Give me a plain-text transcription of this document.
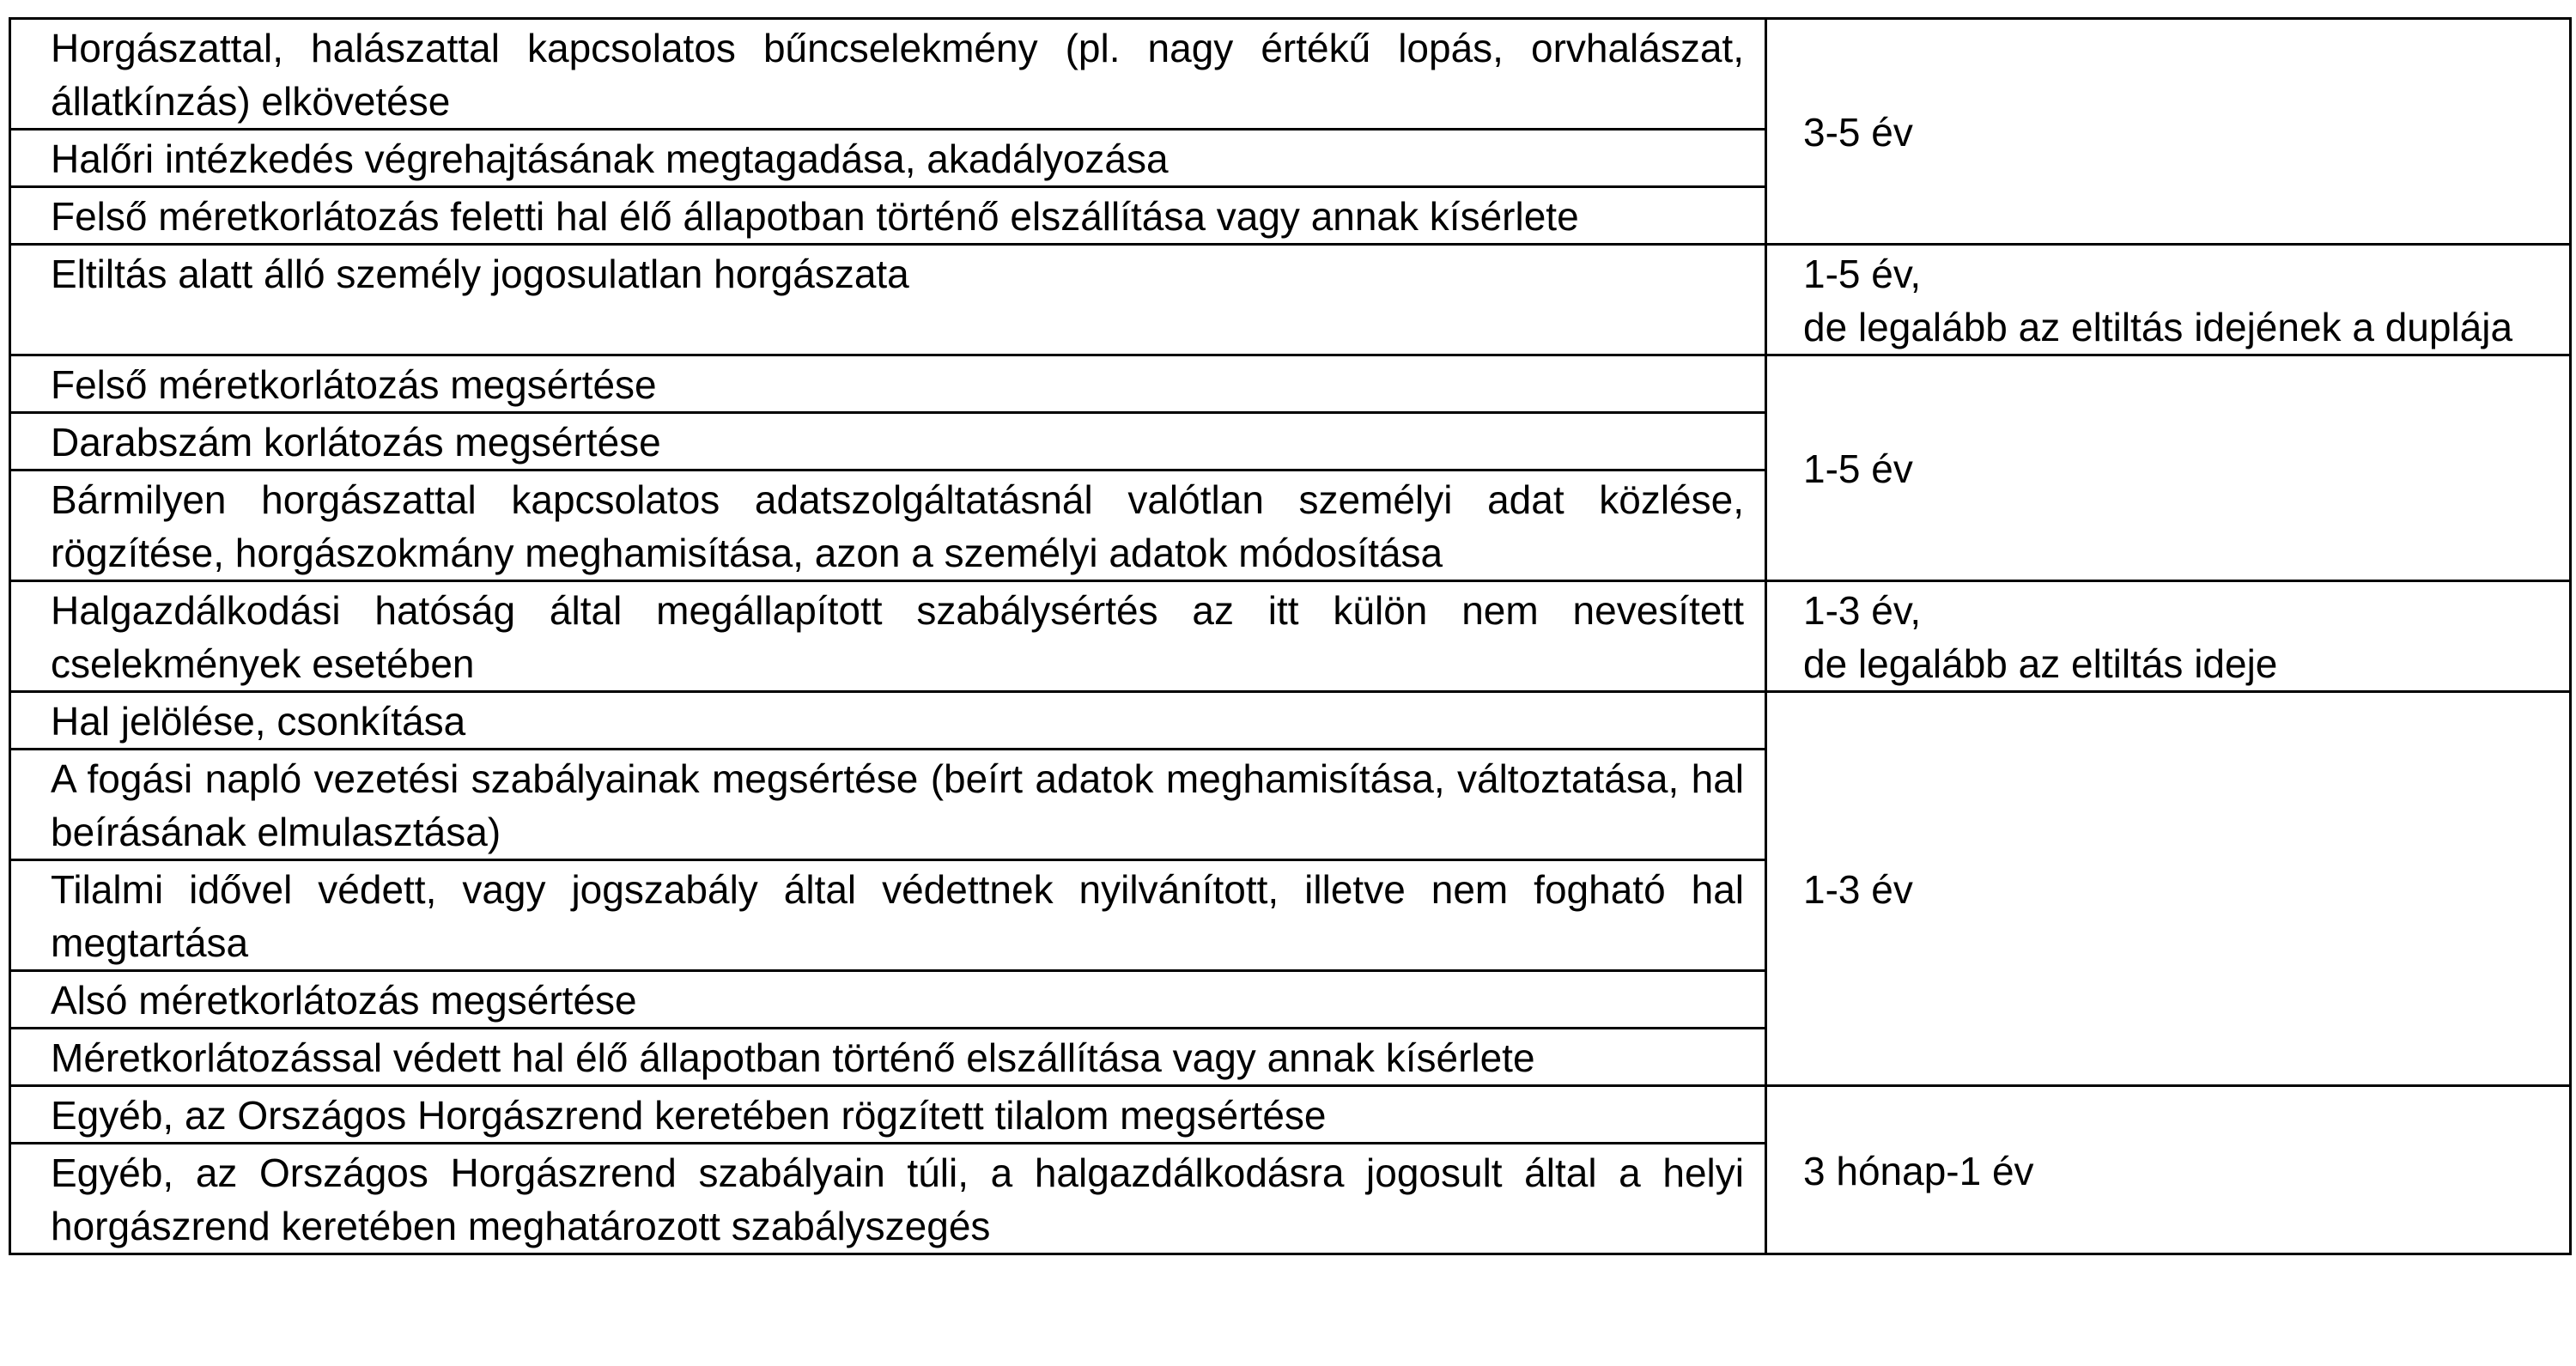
Horgászattal, halászattal kapcsolatos bűncselekmény (pl. nagy értékű lopás, orvhalászat, állatkínzás) elkövetése	3-5 év

Halőri intézkedés végrehajtásának megtagadása, akadályozása	
Felső méretkorlátozás feletti hal élő állapotban történő elszállítása vagy annak kísérlete	
Eltiltás alatt álló személy jogosulatlan horgászata	1-5 év,
de legalább az eltiltás idejének a duplája

Felső méretkorlátozás megsértése	1-5 év

Darabszám korlátozás megsértése	
Bármilyen horgászattal kapcsolatos adatszolgáltatásnál valótlan személyi adat közlése, rögzítése, horgászokmány meghamisítása, azon a személyi adatok módosítása	
Halgazdálkodási hatóság által megállapított szabálysértés az itt külön nem nevesített cselekmények esetében	1-3 év,
de legalább az eltiltás ideje

Hal jelölése, csonkítása	1-3 év

A fogási napló vezetési szabályainak megsértése (beírt adatok meghamisítása, változtatása, hal beírásának elmulasztása)	
Tilalmi idővel védett, vagy jogszabály által védettnek nyilvánított, illetve nem fogható hal megtartása	
Alsó méretkorlátozás megsértése	
Méretkorlátozással védett hal élő állapotban történő elszállítása vagy annak kísérlete	
Egyéb, az Országos Horgászrend keretében rögzített tilalom megsértése	3 hónap-1 év

Egyéb, az Országos Horgászrend szabályain túli, a halgazdálkodásra jogosult által a helyi horgászrend keretében meghatározott szabályszegés	
